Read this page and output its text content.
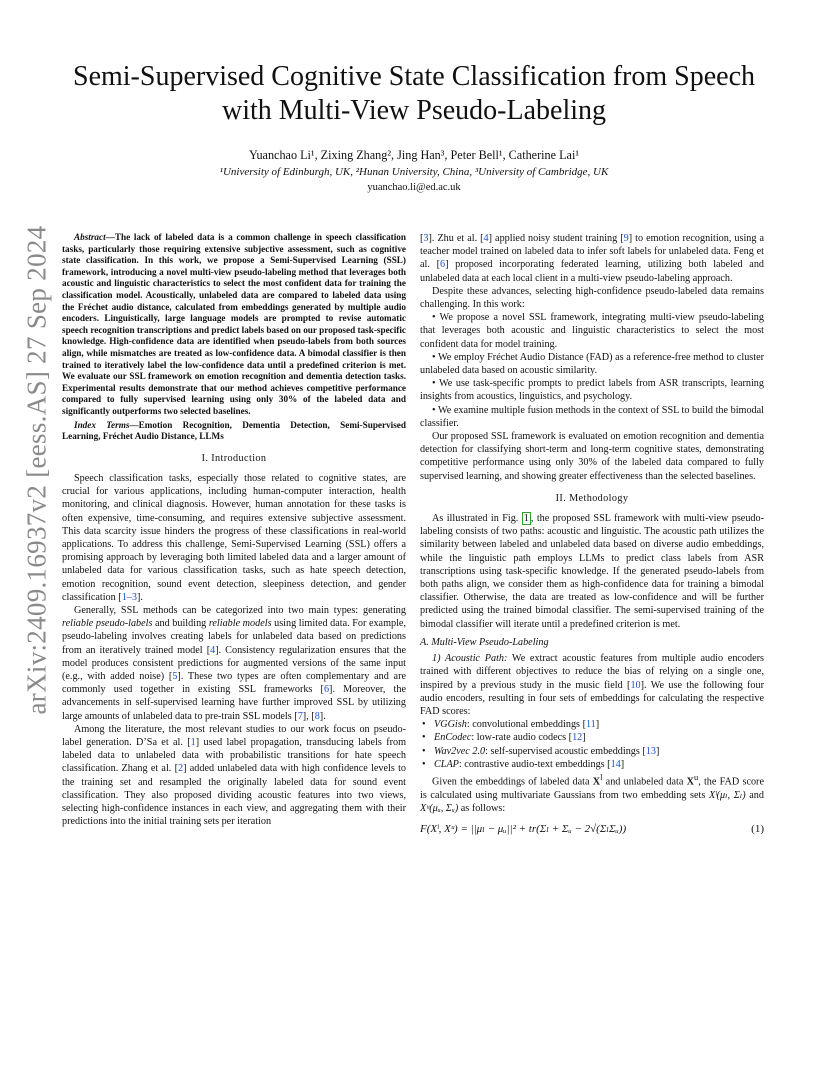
arXiv:2409.16937v2 [eess.AS] 27 Sep 2024
Semi-Supervised Cognitive State Classification from Speech
with Multi-View Pseudo-Labeling
Yuanchao Li¹, Zixing Zhang², Jing Han³, Peter Bell¹, Catherine Lai¹
¹University of Edinburgh, UK, ²Hunan University, China, ³University of Cambridge, UK
yuanchao.li@ed.ac.uk

Abstract—The lack of labeled data is a common challenge in speech classification tasks, particularly those requiring extensive subjective assessment, such as cognitive state classification. In this work, we propose a Semi-Supervised Learning (SSL) framework, introducing a novel multi-view pseudo-labeling method that leverages both acoustic and linguistic characteristics to select the most confident data for training the classification model. Acoustically, unlabeled data are compared to labeled data using the Fréchet audio distance, calculated from embeddings generated by multiple audio encoders. Linguistically, large language models are prompted to revise automatic speech recognition transcriptions and predict labels based on our proposed task-specific knowledge. High-confidence data are identified when pseudo-labels from both sources align, while mismatches are treated as low-confidence data. A bimodal classifier is then trained to iteratively label the low-confidence data until a predefined criterion is met. We evaluate our SSL framework on emotion recognition and dementia detection tasks. Experimental results demonstrate that our method achieves competitive performance compared to fully supervised learning using only 30% of the labeled data and significantly outperforms two selected baselines.

Index Terms—Emotion Recognition, Dementia Detection, Semi-Supervised Learning, Fréchet Audio Distance, LLMs

I. Introduction

Speech classification tasks, especially those related to cognitive states, are crucial for various applications, including human-computer interaction, health monitoring, and clinical diagnosis. However, human annotation for these tasks is often expensive, time-consuming, and requires extensive subjective assessment. This data scarcity issue hinders the progress of these classifications in real-world applications. To address this challenge, Semi-Supervised Learning (SSL) offers a promising approach by leveraging both limited labeled data and a larger amount of unlabeled data for various classification tasks, such as hate speech detection, emotion recognition, sound event detection, sleepiness detection, and gender classification [ 1–3 ] .

Generally, SSL methods can be categorized into two main types: generating reliable pseudo-labels and building reliable models using limited data. For example, pseudo-labeling involves creating labels for unlabeled data based on predictions from an iteratively trained model [ 4 ] . Consistency regularization ensures that the model produces consistent predictions for augmented versions of the same input (e.g., with added noise) [ 5 ] . These two types are often complementary and are commonly used together in existing SSL frameworks [ 6 ] . Moreover, the advancements in self-supervised learning have further improved SSL by utilizing large amounts of unlabeled data to pre-train SSL models [ 7 ] , [ 8 ] .

Among the literature, the most relevant studies to our work focus on pseudo-label generation. D’Sa et al. [ 1 ] used label propagation, transducing labels from labeled data to unlabeled data with probabilistic transitions for hate speech classification. Zhang et al. [ 2 ] added unlabeled data with high confidence levels to the training set and resampled the originally labeled data for sound event classification. They also proposed dividing acoustic features into two views, selecting high-confidence instances in each view, and aggregating them with their predictions into the initial training sets per iteration

[ 3 ] . Zhu et al. [ 4 ] applied noisy student training [ 9 ] to emotion recognition, using a teacher model trained on labeled data to infer soft labels for unlabeled data. Feng et al. [ 6 ] proposed incorporating federated learning, utilizing both labeled and unlabeled data at each local client in a multi-view pseudo-labeling approach.

Despite these advances, selecting high-confidence pseudo-labeled data remains challenging. In this work:

• We propose a novel SSL framework, integrating multi-view pseudo-labeling that leverages both acoustic and linguistic characteristics to select the most confident data for model training.

• We employ Fréchet Audio Distance (FAD) as a reference-free method to cluster unlabeled data based on acoustic similarity.

• We use task-specific prompts to predict labels from ASR transcripts, learning insights from acoustics, linguistics, and psychology.

• We examine multiple fusion methods in the context of SSL to build the bimodal classifier.

Our proposed SSL framework is evaluated on emotion recognition and dementia detection for classifying short-term and long-term cognitive states, demonstrating competitive performance using only 30% of the labeled data compared to fully supervised learning, and showing greater effectiveness than the selected baselines.

II. Methodology

As illustrated in Fig. 1 , the proposed SSL framework with multi-view pseudo-labeling consists of two paths: acoustic and linguistic. The acoustic path utilizes the similarity between labeled and unlabeled data based on diverse audio embeddings, while the linguistic path employs LLMs to predict class labels from ASR transcriptions using task-specific knowledge. If the generated pseudo-labels from both paths align, we consider them as high-confidence data for training a bimodal classifier. Otherwise, the data are treated as low-confidence and will be further predicted using the trained bimodal classifier. The semi-supervised training of the bimodal classifier will iterate until a predefined criterion is met.

A. Multi-View Pseudo-Labeling

1) Acoustic Path: We extract acoustic features from multiple audio encoders trained with different objectives to reduce the bias of relying on a single one, inspired by a previous study in the music field [ 10 ] . We use the following four audio encoders, resulting in four sets of embeddings for calculating the respective FAD scores:

• VGGish: convolutional embeddings [ 11 ]
• EnCodec: low-rate audio codecs [ 12 ]
• Wav2vec 2.0: self-supervised acoustic embeddings [ 13 ]
• CLAP: contrastive audio-text embeddings [ 14 ]

Given the embeddings of labeled data $X^l$ and unlabeled data $X^u$, the FAD score is calculated using multivariate Gaussians from two embedding sets Xˡ(μₗ, Σₗ) and Xᵘ(μᵤ, Σᵤ) as follows:

F(Xˡ, Xᵘ) = ||μₗ − μᵤ||² + tr(Σₗ + Σᵤ − 2√(ΣₗΣᵤ))	(1)
